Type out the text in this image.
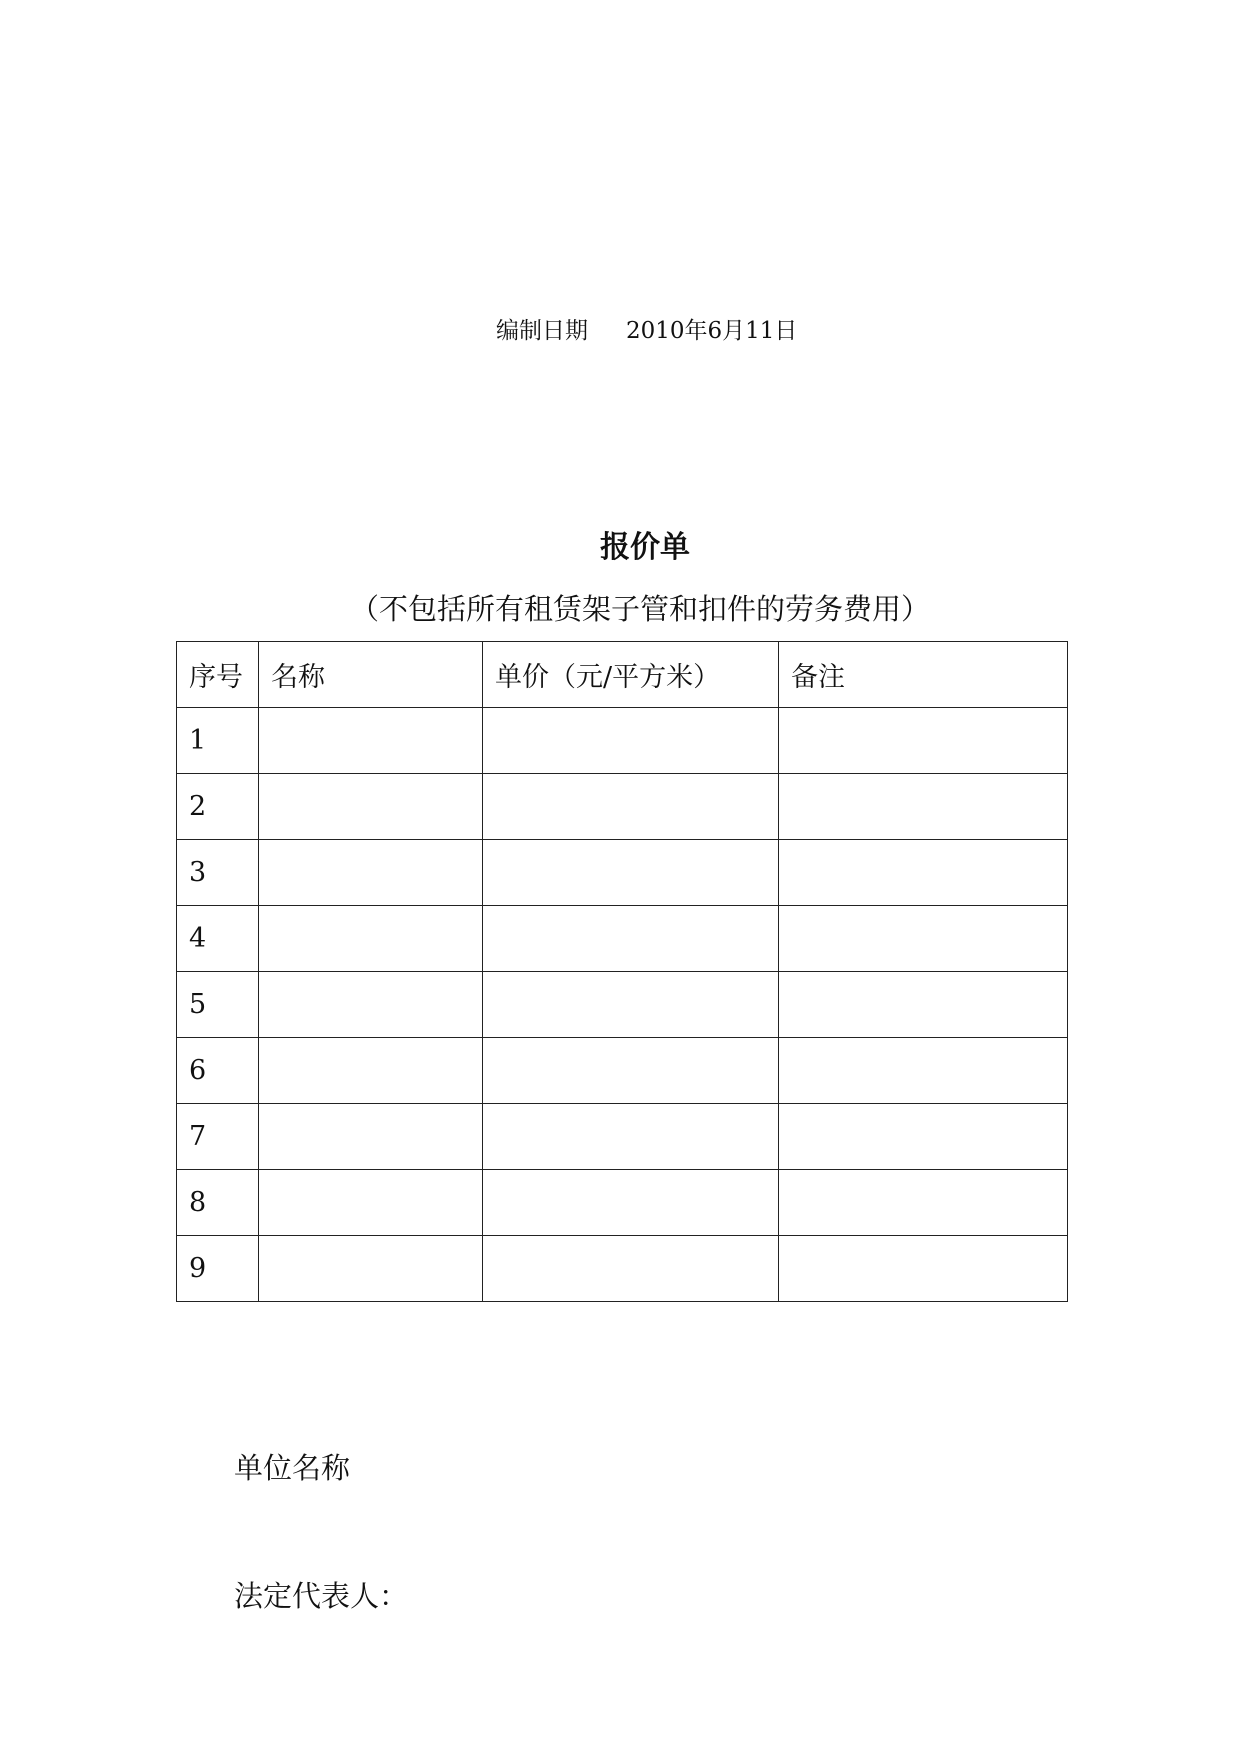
编制日期 2010年6月11日
报价单
（不包括所有租赁架子管和扣件的劳务费用）
序号	名称	单价（元/平方米）	备注
1			
2			
3			
4			
5			
6			
7			
8			
9			
单位名称
法定代表人：
